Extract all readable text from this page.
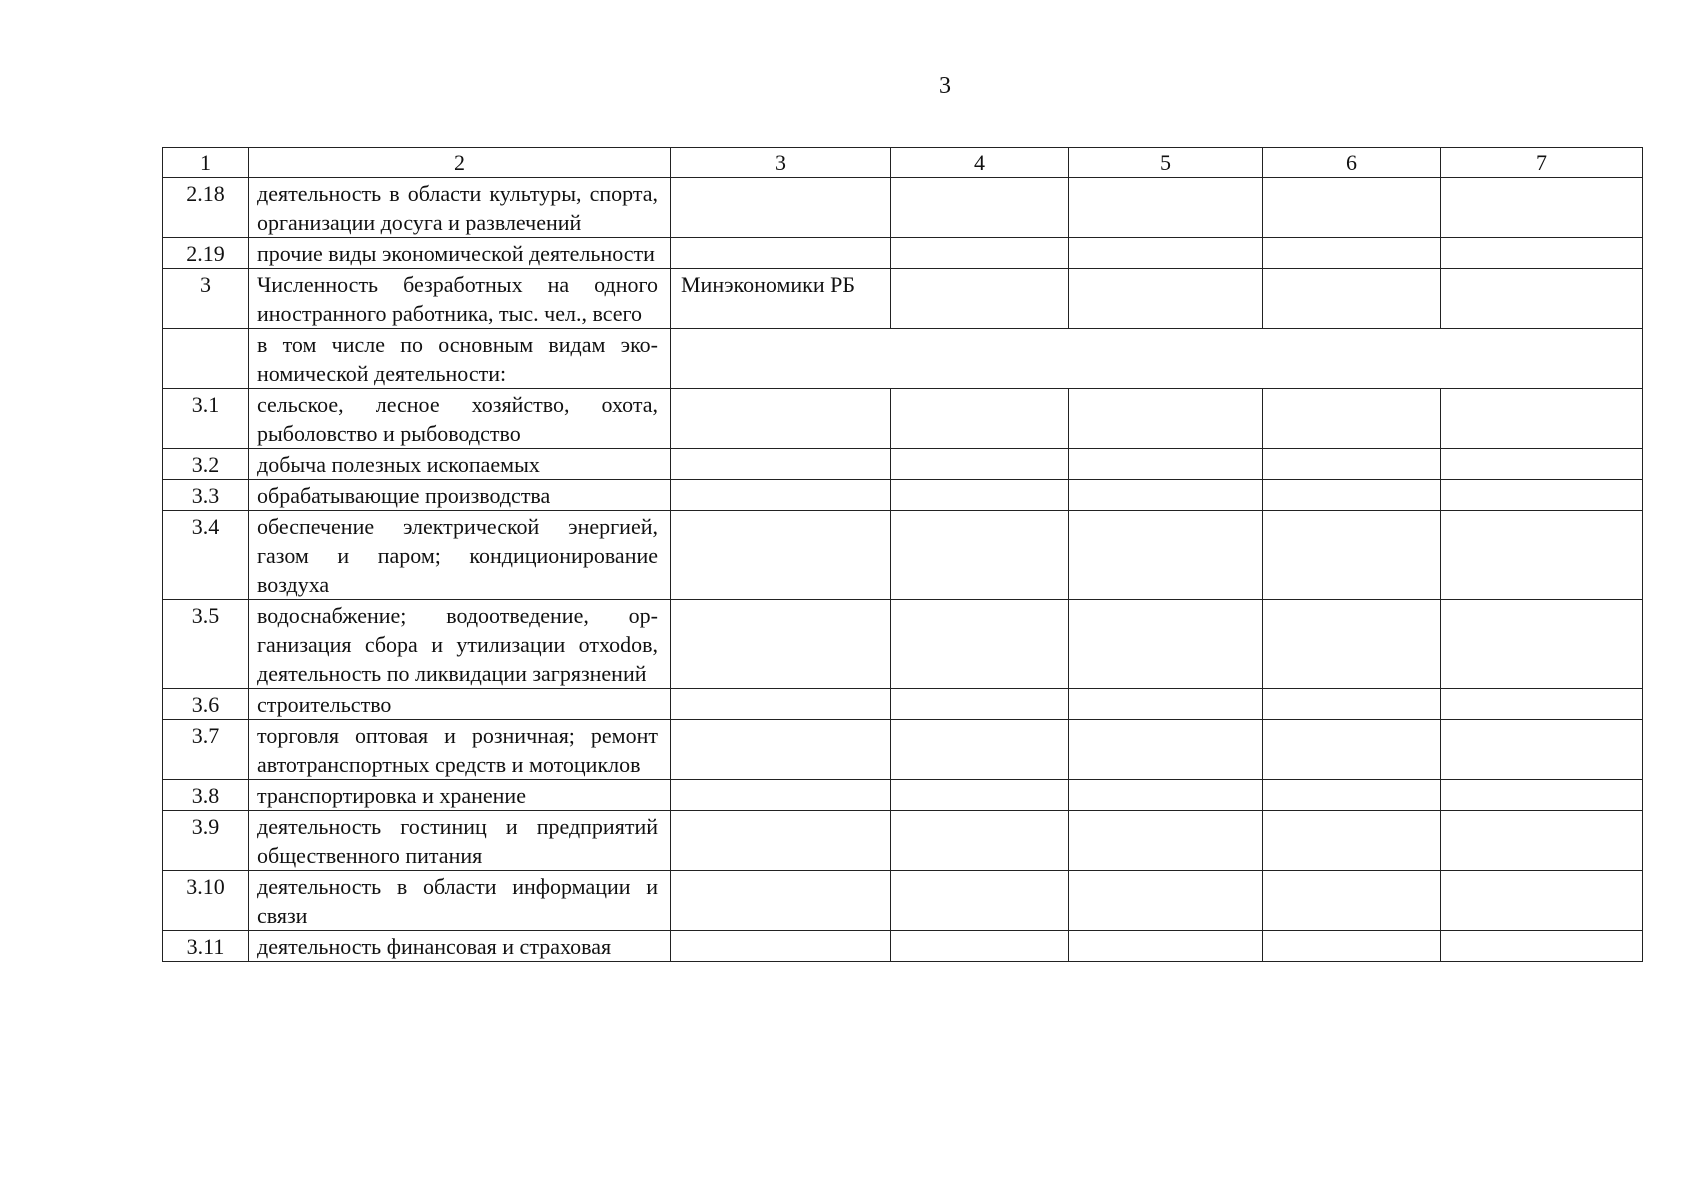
3
1	2	3	4	5	6	7
2.18	деятельность в области культуры, спорта, организации досуга и развлечений					
2.19	прочие виды экономической деятельности					
3	Численность безработных на одного иностранного работника, тыс. чел., всего	Минэкономики РБ				
	в том числе по основным видам экономической деятельности:					
3.1	сельское, лесное хозяйство, охота, рыболовство и рыбоводство					
3.2	добыча полезных ископаемых					
3.3	обрабатывающие производства					
3.4	обеспечение электрической энергией, газом и паром; кондиционирование воздуха					
3.5	водоснабжение; водоотведение, организация сбора и утилизации отхоdов, деятельность по ликвидации загрязнений					
3.6	строительство					
3.7	торговля оптовая и розничная; ремонт автотранспортных средств и мотоциклов					
3.8	транспортировка и хранение					
3.9	деятельность гостиниц и предприятий общественного питания					
3.10	деятельность в области информации и связи					
3.11	деятельность финансовая и страховая					
